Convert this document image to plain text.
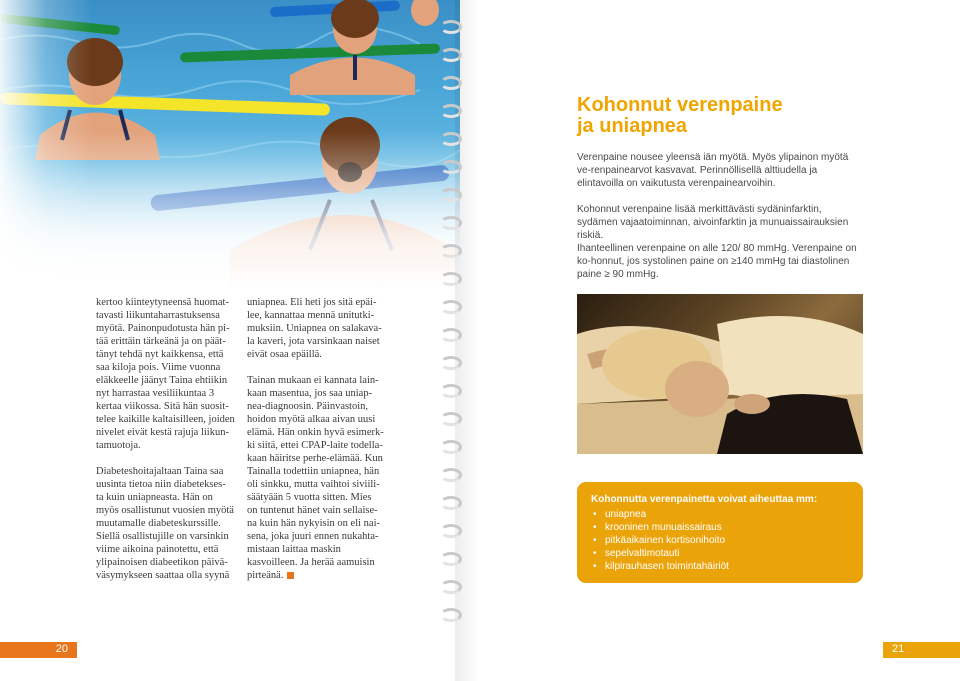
kertoo kiinteytyneensä huomat-
tavasti liikuntaharrastuksensa
myötä. Painonpudotusta hän pi-
tää erittäin tärkeänä ja on päät-
tänyt tehdä nyt kaikkensa, että
saa kiloja pois. Viime vuonna
eläkkeelle jäänyt Taina ehtiikin
nyt harrastaa vesiliikuntaa 3
kertaa viikossa. Sitä hän suosit-
telee kaikille kaltaisilleen, joiden
nivelet eivät kestä rajuja liikun-
tamuotoja.

Diabeteshoitajaltaan Taina saa
uusinta tietoa niin diabetekses-
ta kuin uniapneasta. Hän on
myös osallistunut vuosien myötä
muutamalle diabeteskurssille.
Siellä osallistujille on varsinkin
viime aikoina painotettu, että
ylipainoisen diabeetikon päivä-
väsymykseen saattaa olla syynä

uniapnea. Eli heti jos sitä epäi-
lee, kannattaa mennä unitutki-
muksiin. Uniapnea on salakava-
la kaveri, jota varsinkaan naiset
eivät osaa epäillä.

Tainan mukaan ei kannata lain-
kaan masentua, jos saa uniap-
nea-diagnoosin. Päinvastoin,
hoidon myötä alkaa aivan uusi
elämä. Hän onkin hyvä esimerk-
ki siitä, ettei CPAP-laite todella-
kaan häiritse perhe-elämää. Kun
Tainalla todettiin uniapnea, hän
oli sinkku, mutta vaihtoi siviili-
säätyään 5 vuotta sitten. Mies
on tuntenut hänet vain sellaise-
na kuin hän nykyisin on eli nai-
sena, joka juuri ennen nukahta-
mistaan laittaa maskin
kasvoilleen. Ja herää aamuisin
pirteänä.

Kohonnut verenpaine
ja uniapnea

Verenpaine nousee yleensä iän myötä. Myös ylipainon myötä ve-renpainearvot kasvavat. Perinnöllisellä alttiudella ja elintavoilla on vaikutusta verenpainearvoihin.

Kohonnut verenpaine lisää merkittävästi sydäninfarktin, sydämen vajaatoiminnan, aivoinfarktin ja munuaissairauksien riskiä.

Ihanteellinen verenpaine on alle 120/ 80 mmHg. Verenpaine on ko-honnut, jos systolinen paine on ≥140 mmHg tai diastolinen paine ≥ 90 mmHg.

Kohonnutta verenpainetta voivat aiheuttaa mm:
• uniapnea
• krooninen munuaissairaus
• pitkäaikainen kortisonihoito
• sepelvaltimotauti
• kilpirauhasen toimintahäiriöt
20	21
